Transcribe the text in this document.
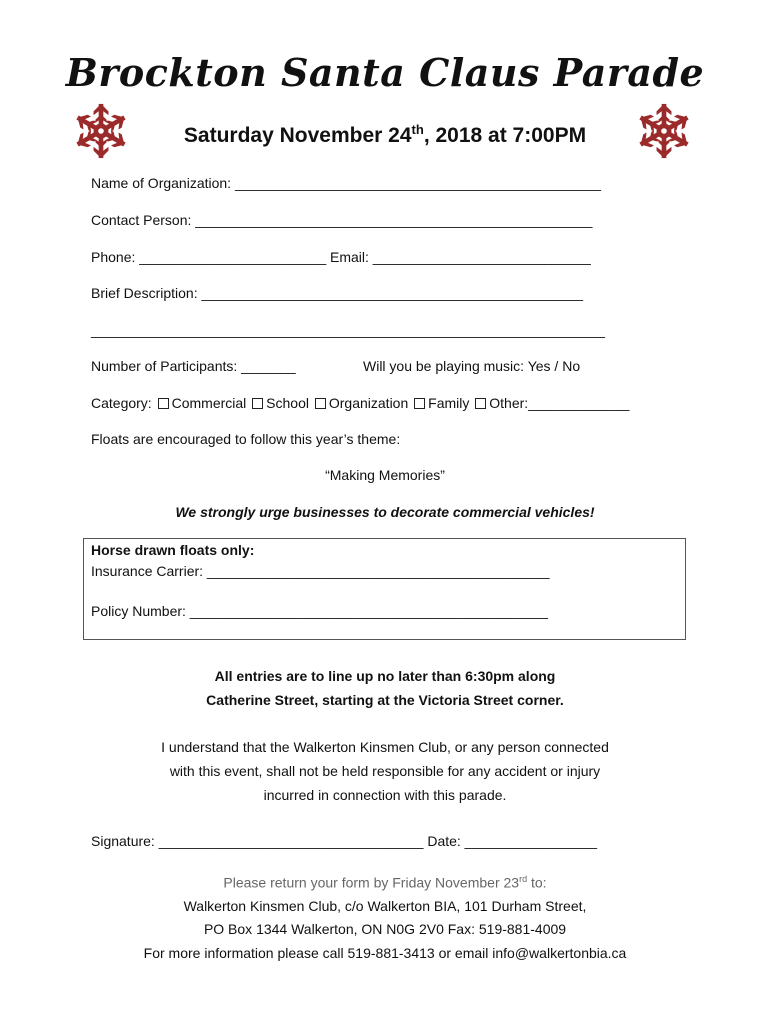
Brockton Santa Claus Parade
Saturday November 24th, 2018 at 7:00PM
Name of Organization: _______________________________________________
Contact Person: ___________________________________________________
Phone: ________________________ Email: ____________________________
Brief Description: _________________________________________________
__________________________________________________________________
Number of Participants: _______	Will you be playing music: Yes / No
Category: Commercial School Organization Family Other:_____________
Floats are encouraged to follow this year’s theme:
“Making Memories”
We strongly urge businesses to decorate commercial vehicles!
Horse drawn floats only:
Insurance Carrier: ____________________________________________
Policy Number: ______________________________________________
All entries are to line up no later than 6:30pm along
Catherine Street, starting at the Victoria Street corner.
I understand that the Walkerton Kinsmen Club, or any person connected
with this event, shall not be held responsible for any accident or injury
incurred in connection with this parade.
Signature: __________________________________ Date: _________________
Please return your form by Friday November 23rd to:
Walkerton Kinsmen Club, c/o Walkerton BIA, 101 Durham Street,
PO Box 1344 Walkerton, ON N0G 2V0 Fax: 519-881-4009
For more information please call 519-881-3413 or email info@walkertonbia.ca
